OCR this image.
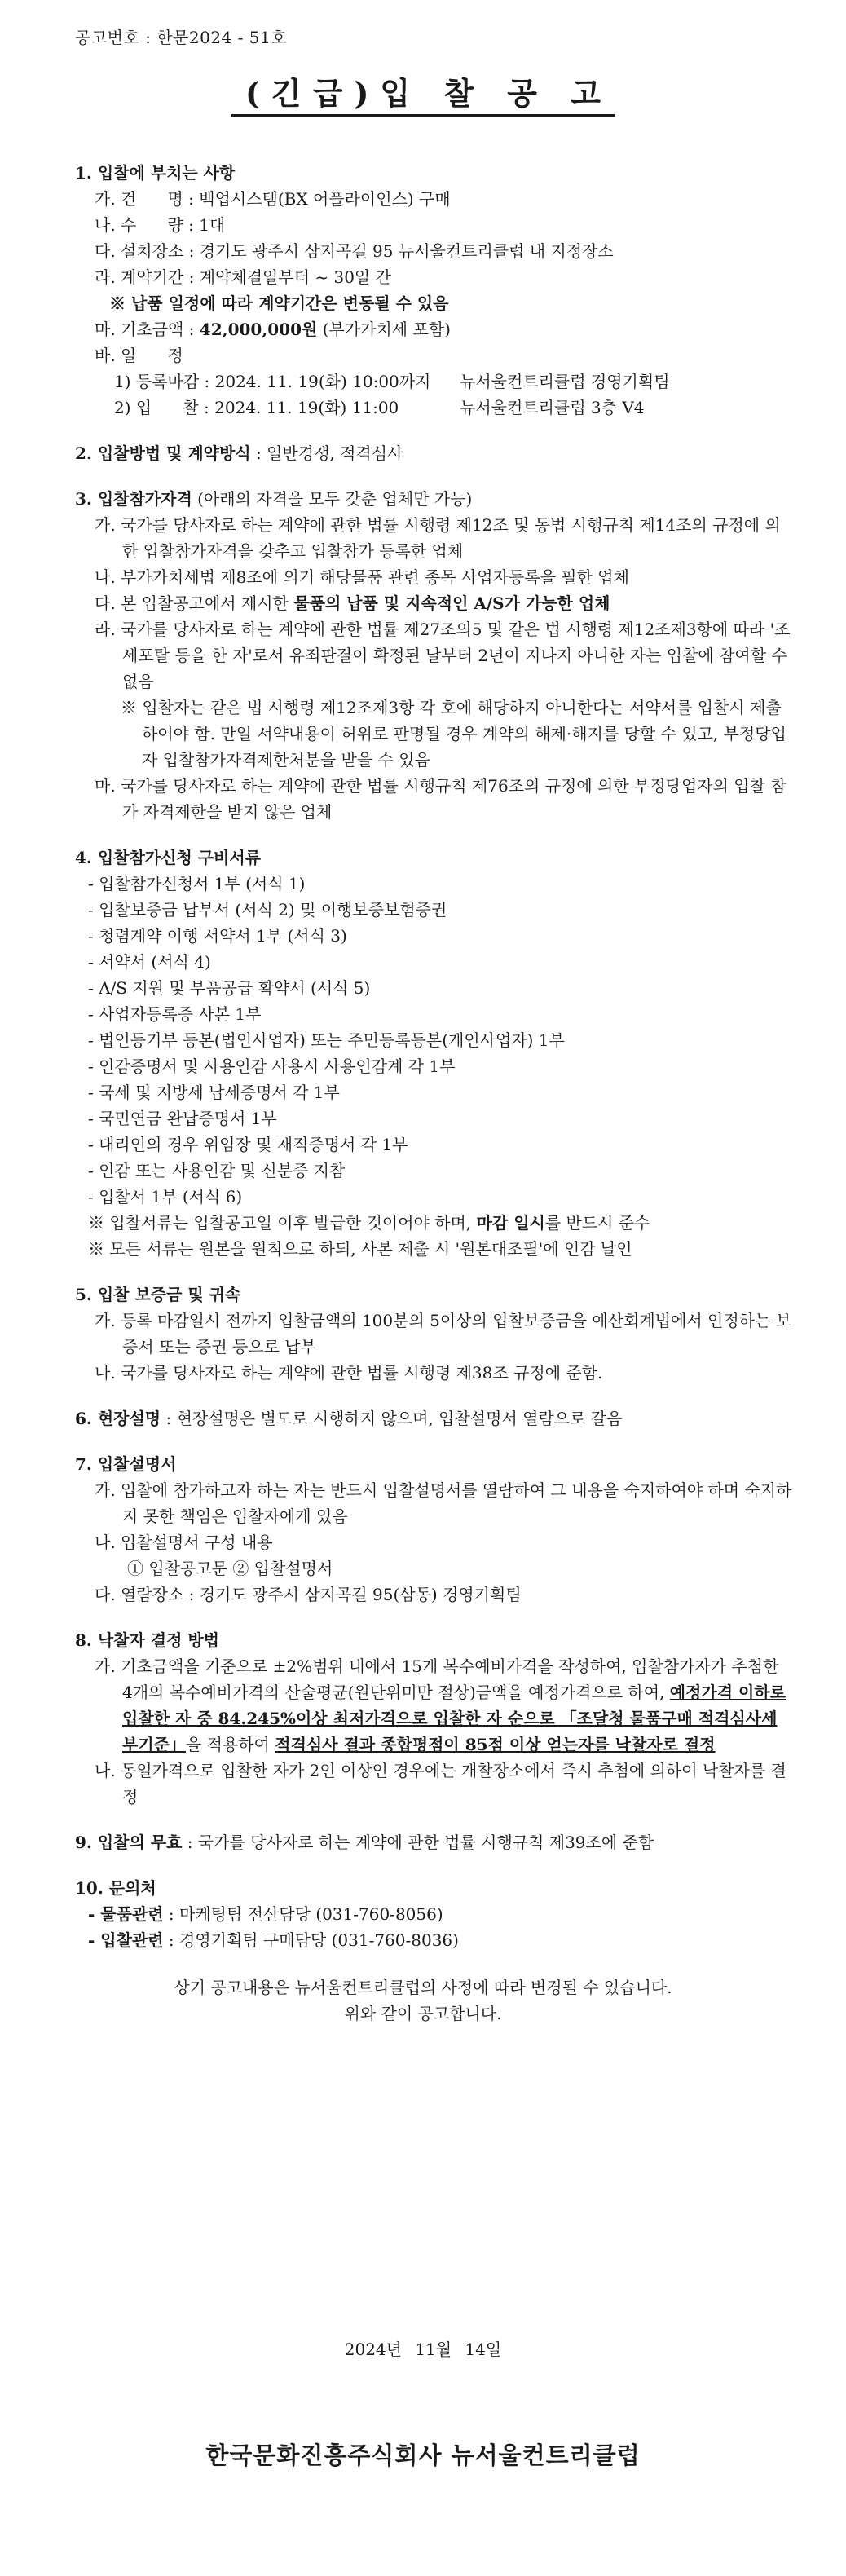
공고번호 : 한문2024 - 51호
(긴급)입 찰 공 고
1. 입찰에 부치는 사항
가. 건      명 : 백업시스템(BX 어플라이언스) 구매
나. 수      량 : 1대
다. 설치장소 : 경기도 광주시 삼지곡길 95 뉴서울컨트리클럽 내 지정장소
라. 계약기간 : 계약체결일부터 ~ 30일 간
※ 납품 일정에 따라 계약기간은 변동될 수 있음
마. 기초금액 : 42,000,000원 (부가가치세 포함)
바. 일      정
1) 등록마감 : 2024. 11. 19(화) 10:00까지 뉴서울컨트리클럽 경영기획팀
2) 입      찰 : 2024. 11. 19(화) 11:00	뉴서울컨트리클럽 3층 V4
2. 입찰방법 및 계약방식 : 일반경쟁, 적격심사
3. 입찰참가자격 (아래의 자격을 모두 갖춘 업체만 가능)
가. 국가를 당사자로 하는 계약에 관한 법률 시행령 제12조 및 동법 시행규칙 제14조의 규정에 의한 입찰참가자격을 갖추고 입찰참가 등록한 업체
나. 부가가치세법 제8조에 의거 해당물품 관련 종목 사업자등록을 필한 업체
다. 본 입찰공고에서 제시한 물품의 납품 및 지속적인 A/S가 가능한 업체
라. 국가를 당사자로 하는 계약에 관한 법률 제27조의5 및 같은 법 시행령 제12조제3항에 따라 '조세포탈 등을 한 자'로서 유죄판결이 확정된 날부터 2년이 지나지 아니한 자는 입찰에 참여할 수 없음
※ 입찰자는 같은 법 시행령 제12조제3항 각 호에 해당하지 아니한다는 서약서를 입찰시 제출하여야 함. 만일 서약내용이 허위로 판명될 경우 계약의 해제·해지를 당할 수 있고, 부정당업자 입찰참가자격제한처분을 받을 수 있음
마. 국가를 당사자로 하는 계약에 관한 법률 시행규칙 제76조의 규정에 의한 부정당업자의 입찰 참가 자격제한을 받지 않은 업체
4. 입찰참가신청 구비서류
- 입찰참가신청서 1부 (서식 1)
- 입찰보증금 납부서 (서식 2) 및 이행보증보험증권
- 청렴계약 이행 서약서 1부 (서식 3)
- 서약서 (서식 4)
- A/S 지원 및 부품공급 확약서 (서식 5)
- 사업자등록증 사본 1부
- 법인등기부 등본(법인사업자) 또는 주민등록등본(개인사업자) 1부
- 인감증명서 및 사용인감 사용시 사용인감계 각 1부
- 국세 및 지방세 납세증명서 각 1부
- 국민연금 완납증명서 1부
- 대리인의 경우 위임장 및 재직증명서 각 1부
- 인감 또는 사용인감 및 신분증 지참
- 입찰서 1부 (서식 6)
※ 입찰서류는 입찰공고일 이후 발급한 것이어야 하며, 마감 일시를 반드시 준수
※ 모든 서류는 원본을 원칙으로 하되, 사본 제출 시 '원본대조필'에 인감 날인
5. 입찰 보증금 및 귀속
가. 등록 마감일시 전까지 입찰금액의 100분의 5이상의 입찰보증금을 예산회계법에서 인정하는 보증서 또는 증권 등으로 납부
나. 국가를 당사자로 하는 계약에 관한 법률 시행령 제38조 규정에 준함.
6. 현장설명 : 현장설명은 별도로 시행하지 않으며, 입찰설명서 열람으로 갈음
7. 입찰설명서
가. 입찰에 참가하고자 하는 자는 반드시 입찰설명서를 열람하여 그 내용을 숙지하여야 하며 숙지하지 못한 책임은 입찰자에게 있음
나. 입찰설명서 구성 내용
① 입찰공고문 ② 입찰설명서
다. 열람장소 : 경기도 광주시 삼지곡길 95(삼동) 경영기획팀
8. 낙찰자 결정 방법
가. 기초금액을 기준으로 ±2%범위 내에서 15개 복수예비가격을 작성하여, 입찰참가자가 추첨한 4개의 복수예비가격의 산술평균(원단위미만 절상)금액을 예정가격으로 하여, 예정가격 이하로 입찰한 자 중 84.245%이상 최저가격으로 입찰한 자 순으로 「조달청 물품구매 적격심사세부기준」을 적용하여 적격심사 결과 종합평점이 85점 이상 얻는자를 낙찰자로 결정
나. 동일가격으로 입찰한 자가 2인 이상인 경우에는 개찰장소에서 즉시 추첨에 의하여 낙찰자를 결정
9. 입찰의 무효 : 국가를 당사자로 하는 계약에 관한 법률 시행규칙 제39조에 준함
10. 문의처
- 물품관련 : 마케팅팀 전산담당 (031-760-8056)
- 입찰관련 : 경영기획팀 구매담당 (031-760-8036)
상기 공고내용은 뉴서울컨트리클럽의 사정에 따라 변경될 수 있습니다.
위와 같이 공고합니다.
2024년 11월 14일
한국문화진흥주식회사 뉴서울컨트리클럽
